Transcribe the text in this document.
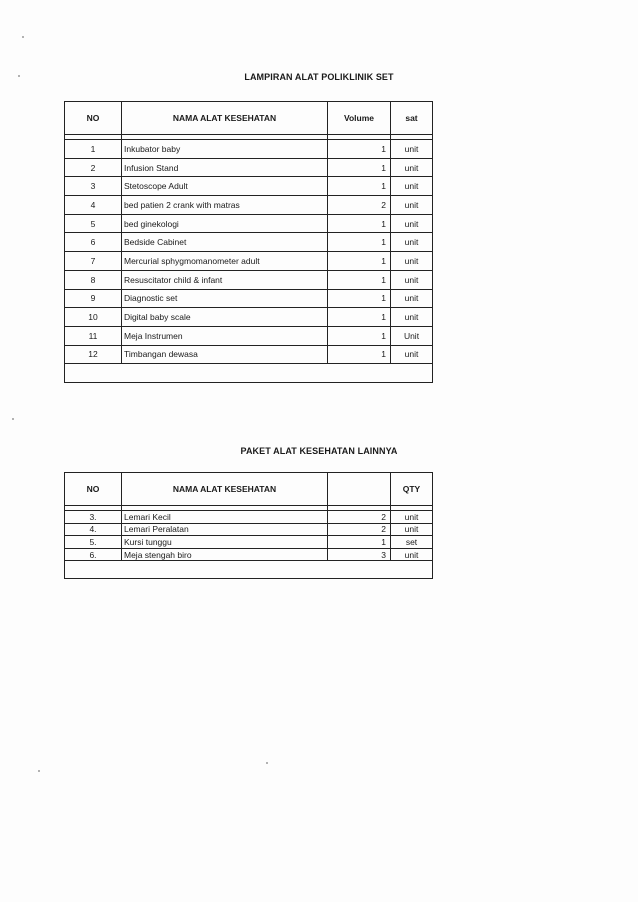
LAMPIRAN ALAT POLIKLINIK SET
NO	NAMA ALAT KESEHATAN	Volume	sat

1	Inkubator baby	1	unit
2	Infusion Stand	1	unit
3	Stetoscope Adult	1	unit
4	bed patien 2 crank with matras	2	unit
5	bed ginekologi	1	unit
6	Bedside Cabinet	1	unit
7	Mercurial sphygmomanometer adult	1	unit
8	Resuscitator child & infant	1	unit
9	Diagnostic set	1	unit
10	Digital baby scale	1	unit
11	Meja Instrumen	1	Unit
12	Timbangan dewasa	1	unit

PAKET ALAT KESEHATAN LAINNYA
NO	NAMA ALAT KESEHATAN		QTY

3.	Lemari Kecil	2	unit
4.	Lemari Peralatan	2	unit
5.	Kursi tunggu	1	set
6.	Meja stengah biro	3	unit
